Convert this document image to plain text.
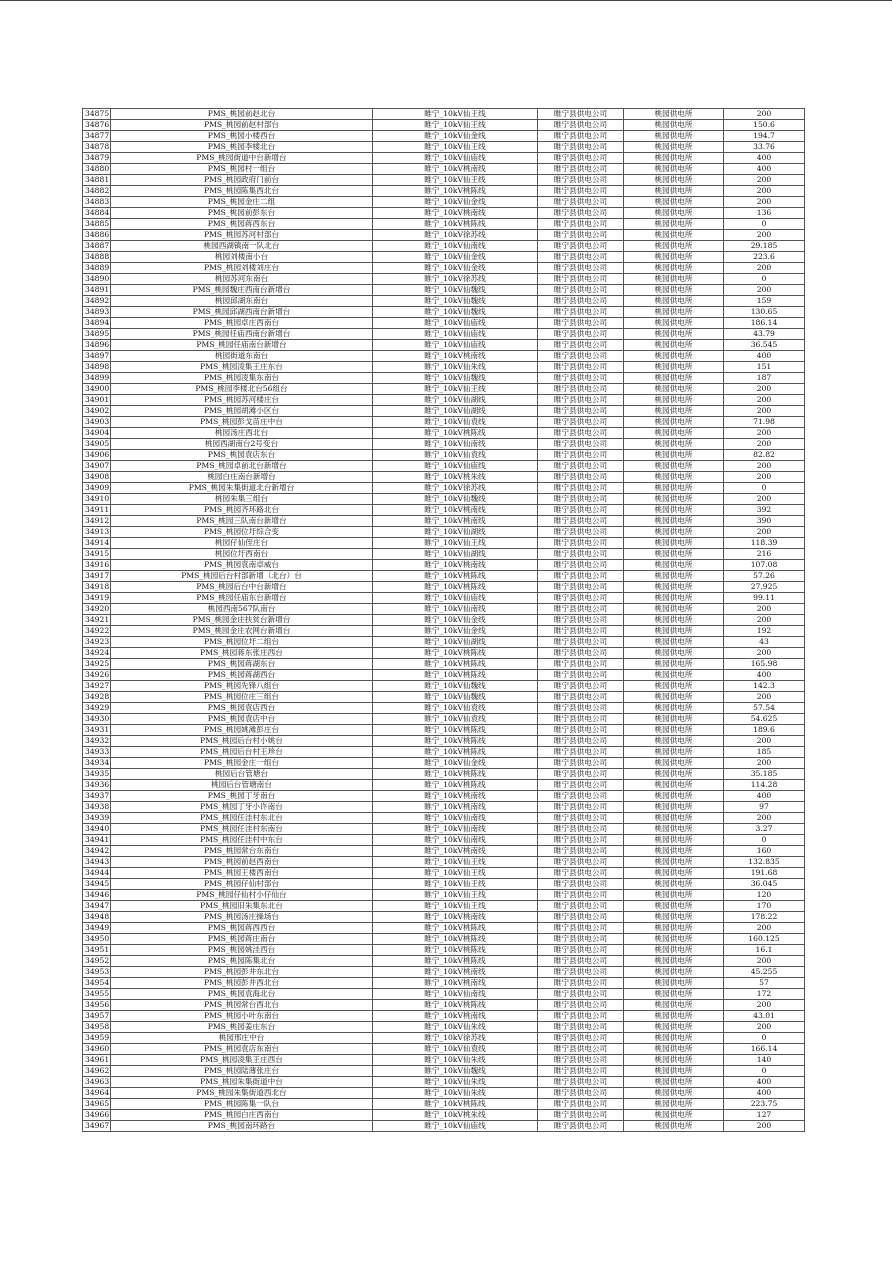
34875	PMS_桃园前赵北台	睢宁_10kV仙王线	睢宁县供电公司	桃园供电所	200
34876	PMS_桃园前赵村部台	睢宁_10kV仙王线	睢宁县供电公司	桃园供电所	150.6
34877	PMS_桃园小楼西台	睢宁_10kV仙金线	睢宁县供电公司	桃园供电所	194.7
34878	PMS_桃园李楼北台	睢宁_10kV仙王线	睢宁县供电公司	桃园供电所	33.76
34879	PMS_桃园街道中台新增台	睢宁_10kV仙庙线	睢宁县供电公司	桃园供电所	400
34880	PMS_桃园村一组台	睢宁_10kV桃南线	睢宁县供电公司	桃园供电所	400
34881	PMS_桃园政府门前台	睢宁_10kV仙王线	睢宁县供电公司	桃园供电所	200
34882	PMS_桃园陈集西北台	睢宁_10kV桃陈线	睢宁县供电公司	桃园供电所	200
34883	PMS_桃园金庄二组	睢宁_10kV仙金线	睢宁县供电公司	桃园供电所	200
34884	PMS_桃园前彭东台	睢宁_10kV桃南线	睢宁县供电公司	桃园供电所	136
34885	PMS_桃园蒋西东台	睢宁_10kV桃陈线	睢宁县供电公司	桃园供电所	0
34886	PMS_桃园苏河村部台	睢宁_10kV徐苏线	睢宁县供电公司	桃园供电所	200
34887	桃园西湖镇南一队北台	睢宁_10kV仙南线	睢宁县供电公司	桃园供电所	29.185
34888	桃园刘楼南小台	睢宁_10kV仙金线	睢宁县供电公司	桃园供电所	223.6
34889	PMS_桃园刘楼刘庄台	睢宁_10kV仙金线	睢宁县供电公司	桃园供电所	200
34890	桃园苏河东南台	睢宁_10kV徐苏线	睢宁县供电公司	桃园供电所	0
34891	PMS_桃园魏庄西南台新增台	睢宁_10kV仙魏线	睢宁县供电公司	桃园供电所	200
34892	桃园邱湖东南台	睢宁_10kV仙魏线	睢宁县供电公司	桃园供电所	159
34893	PMS_桃园邱湖西南台新增台	睢宁_10kV仙魏线	睢宁县供电公司	桃园供电所	130.65
34894	PMS_桃园卓庄西南台	睢宁_10kV仙庙线	睢宁县供电公司	桃园供电所	186.14
34895	PMS_桃园任庙西南台新增台	睢宁_10kV仙庙线	睢宁县供电公司	桃园供电所	43.79
34896	PMS_桃园任庙南台新增台	睢宁_10kV仙庙线	睢宁县供电公司	桃园供电所	36.545
34897	桃园街道东南台	睢宁_10kV桃南线	睢宁县供电公司	桃园供电所	400
34898	PMS_桃园凌集王庄东台	睢宁_10kV仙朱线	睢宁县供电公司	桃园供电所	151
34899	PMS_桃园凌集东南台	睢宁_10kV仙魏线	睢宁县供电公司	桃园供电所	187
34900	PMS_桃园李楼北台56组台	睢宁_10kV仙王线	睢宁县供电公司	桃园供电所	200
34901	PMS_桃园苏河楼庄台	睢宁_10kV仙湖线	睢宁县供电公司	桃园供电所	200
34902	PMS_桃园胡滩小区台	睢宁_10kV仙湖线	睢宁县供电公司	桃园供电所	200
34903	PMS_桃园彭戈苗庄中台	睢宁_10kV仙袁线	睢宁县供电公司	桃园供电所	71.98
34904	桃园汤庄西北台	睢宁_10kV桃陈线	睢宁县供电公司	桃园供电所	200
34905	桃园西湖南台2号变台	睢宁_10kV仙南线	睢宁县供电公司	桃园供电所	200
34906	PMS_桃园袁店东台	睢宁_10kV仙袁线	睢宁县供电公司	桃园供电所	82.82
34907	PMS_桃园卓前北台新增台	睢宁_10kV仙庙线	睢宁县供电公司	桃园供电所	200
34908	桃园白庄南台新增台	睢宁_10kV桃朱线	睢宁县供电公司	桃园供电所	200
34909	PMS_桃园朱集街道北台新增台	睢宁_10kV徐苏线	睢宁县供电公司	桃园供电所	0
34910	桃园朱集三组台	睢宁_10kV仙魏线	睢宁县供电公司	桃园供电所	200
34911	PMS_桃园齐环路北台	睢宁_10kV桃南线	睢宁县供电公司	桃园供电所	392
34912	PMS_桃园三队南台新增台	睢宁_10kV桃南线	睢宁县供电公司	桃园供电所	390
34913	PMS_桃园位圩综合变	睢宁_10kV仙湖线	睢宁县供电公司	桃园供电所	200
34914	桃园仔仙侄庄台	睢宁_10kV仙王线	睢宁县供电公司	桃园供电所	118.39
34915	桃园位圩西南台	睢宁_10kV仙湖线	睢宁县供电公司	桃园供电所	216
34916	PMS_桃园袁南卓威台	睢宁_10kV桃南线	睢宁县供电公司	桃园供电所	107.08
34917	PMS_桃园后台村部新增（北台）台	睢宁_10kV桃陈线	睢宁县供电公司	桃园供电所	57.26
34918	PMS_桃园后台中台新增台	睢宁_10kV桃陈线	睢宁县供电公司	桃园供电所	27.925
34919	PMS_桃园任庙东台新增台	睢宁_10kV仙庙线	睢宁县供电公司	桃园供电所	99.11
34920	桃园西南567队南台	睢宁_10kV仙南线	睢宁县供电公司	桃园供电所	200
34921	PMS_桃园金庄扶贫台新增台	睢宁_10kV仙金线	睢宁县供电公司	桃园供电所	200
34922	PMS_桃园金庄农网台新增台	睢宁_10kV仙金线	睢宁县供电公司	桃园供电所	192
34923	PMS_桃园位圩二组台	睢宁_10kV仙湖线	睢宁县供电公司	桃园供电所	43
34924	PMS_桃园蒋东张庄西台	睢宁_10kV桃陈线	睢宁县供电公司	桃园供电所	200
34925	PMS_桃园蒋湖东台	睢宁_10kV桃陈线	睢宁县供电公司	桃园供电所	165.98
34926	PMS_桃园蒋湖西台	睢宁_10kV桃陈线	睢宁县供电公司	桃园供电所	400
34927	PMS_桃园先锋八组台	睢宁_10kV仙魏线	睢宁县供电公司	桃园供电所	142.3
34928	PMS_桃园位庄三组台	睢宁_10kV仙魏线	睢宁县供电公司	桃园供电所	200
34929	PMS_桃园袁店西台	睢宁_10kV仙袁线	睢宁县供电公司	桃园供电所	57.54
34930	PMS_桃园袁店中台	睢宁_10kV仙袁线	睢宁县供电公司	桃园供电所	54.625
34931	PMS_桃园姚滩彭庄台	睢宁_10kV桃陈线	睢宁县供电公司	桃园供电所	189.6
34932	PMS_桃园后台村小姚台	睢宁_10kV桃陈线	睢宁县供电公司	桃园供电所	200
34933	PMS_桃园后台村王珍台	睢宁_10kV桃陈线	睢宁县供电公司	桃园供电所	185
34934	PMS_桃园金庄一组台	睢宁_10kV仙金线	睢宁县供电公司	桃园供电所	200
34935	桃园后台管塘台	睢宁_10kV桃陈线	睢宁县供电公司	桃园供电所	35.185
34936	桃园后台管塘南台	睢宁_10kV桃陈线	睢宁县供电公司	桃园供电所	114.28
34937	PMS_桃园丁牙南台	睢宁_10kV桃南线	睢宁县供电公司	桃园供电所	400
34938	PMS_桃园丁牙小许南台	睢宁_10kV桃南线	睢宁县供电公司	桃园供电所	97
34939	PMS_桃园任洼村东北台	睢宁_10kV仙南线	睢宁县供电公司	桃园供电所	200
34940	PMS_桃园任洼村东南台	睢宁_10kV仙南线	睢宁县供电公司	桃园供电所	3.27
34941	PMS_桃园任洼村中东台	睢宁_10kV仙南线	睢宁县供电公司	桃园供电所	0
34942	PMS_桃园常台东南台	睢宁_10kV桃南线	睢宁县供电公司	桃园供电所	160
34943	PMS_桃园前赵西南台	睢宁_10kV仙王线	睢宁县供电公司	桃园供电所	132.835
34944	PMS_桃园王楼西南台	睢宁_10kV仙王线	睢宁县供电公司	桃园供电所	191.68
34945	PMS_桃园仔仙村部台	睢宁_10kV仙王线	睢宁县供电公司	桃园供电所	36.045
34946	PMS_桃园仔仙村小仔仙台	睢宁_10kV仙王线	睢宁县供电公司	桃园供电所	120
34947	PMS_桃园旧朱集东北台	睢宁_10kV仙王线	睢宁县供电公司	桃园供电所	170
34948	PMS_桃园汤庄操场台	睢宁_10kV桃南线	睢宁县供电公司	桃园供电所	178.22
34949	PMS_桃园蒋西西台	睢宁_10kV桃陈线	睢宁县供电公司	桃园供电所	200
34950	PMS_桃园蒋庄南台	睢宁_10kV桃陈线	睢宁县供电公司	桃园供电所	160.125
34951	PMS_桃园姚洼西台	睢宁_10kV桃陈线	睢宁县供电公司	桃园供电所	16.1
34952	PMS_桃园陈集北台	睢宁_10kV桃陈线	睢宁县供电公司	桃园供电所	200
34953	PMS_桃园彭井东北台	睢宁_10kV桃南线	睢宁县供电公司	桃园供电所	45.255
34954	PMS_桃园彭井西北台	睢宁_10kV桃南线	睢宁县供电公司	桃园供电所	57
34955	PMS_桃园袁海北台	睢宁_10kV仙南线	睢宁县供电公司	桃园供电所	172
34956	PMS_桃园常台西北台	睢宁_10kV桃陈线	睢宁县供电公司	桃园供电所	200
34957	PMS_桃园小叶东南台	睢宁_10kV桃南线	睢宁县供电公司	桃园供电所	43.01
34958	PMS_桃园姜庄东台	睢宁_10kV仙朱线	睢宁县供电公司	桃园供电所	200
34959	桃园邢庄中台	睢宁_10kV徐苏线	睢宁县供电公司	桃园供电所	0
34960	PMS_桃园袁店东南台	睢宁_10kV仙袁线	睢宁县供电公司	桃园供电所	166.14
34961	PMS_桃园凌集王庄西台	睢宁_10kV仙朱线	睢宁县供电公司	桃园供电所	140
34962	PMS_桃园陆薄张庄台	睢宁_10kV仙魏线	睢宁县供电公司	桃园供电所	0
34963	PMS_桃园朱集街道中台	睢宁_10kV仙朱线	睢宁县供电公司	桃园供电所	400
34964	PMS_桃园朱集街道西北台	睢宁_10kV仙朱线	睢宁县供电公司	桃园供电所	400
34965	PMS_桃园陈集一队台	睢宁_10kV桃陈线	睢宁县供电公司	桃园供电所	223.75
34966	PMS_桃园白庄西南台	睢宁_10kV桃朱线	睢宁县供电公司	桃园供电所	127
34967	PMS_桃园南环路台	睢宁_10kV仙庙线	睢宁县供电公司	桃园供电所	200
